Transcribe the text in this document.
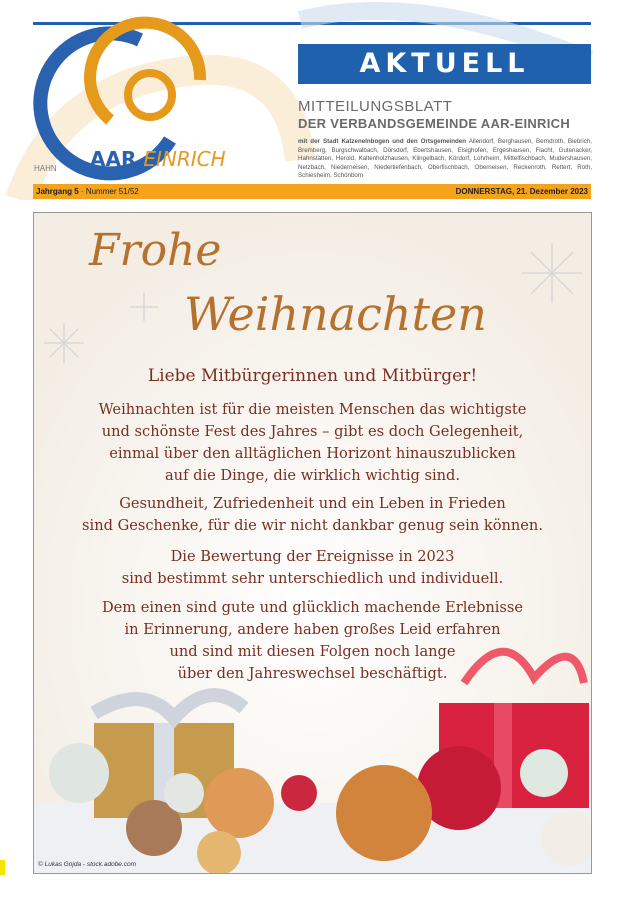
AAR EINRICH
HAHN
AKTUELL
MITTEILUNGSBLATT
DER VERBANDSGEMEINDE AAR-EINRICH
mit der Stadt Katzenelnbogen und den Ortsgemeinden Allendorf, Berghausen, Berndroth, Biebrich, Bremberg, Burgschwalbach, Dörsdorf, Ebertshausen, Eisighofen, Ergeshausen, Flacht, Gutenacker, Hahnstätten, Herold, Kaltenholzhausen, Klingelbach, Kördorf, Lohrheim, Mittelfischbach, Mudershausen, Netzbach, Niederneisen, Niedertiefenbach, Oberfischbach, Oberneisen, Reckenroth, Rettert, Roth, Schiesheim, Schönborn
Jahrgang 5 · Nummer 51/52	DONNERSTAG, 21. Dezember 2023
Frohe
Weihnachten
Liebe Mitbürgerinnen und Mitbürger!
Weihnachten ist für die meisten Menschen das wichtigste
und schönste Fest des Jahres – gibt es doch Gelegenheit,
einmal über den alltäglichen Horizont hinauszublicken
auf die Dinge, die wirklich wichtig sind.
Gesundheit, Zufriedenheit und ein Leben in Frieden
sind Geschenke, für die wir nicht dankbar genug sein können.
Die Bewertung der Ereignisse in 2023
sind bestimmt sehr unterschiedlich und individuell.
Dem einen sind gute und glücklich machende Erlebnisse
in Erinnerung, andere haben großes Leid erfahren
und sind mit diesen Folgen noch lange
über den Jahreswechsel beschäftigt.
© Lukas Gojda - stock.adobe.com
